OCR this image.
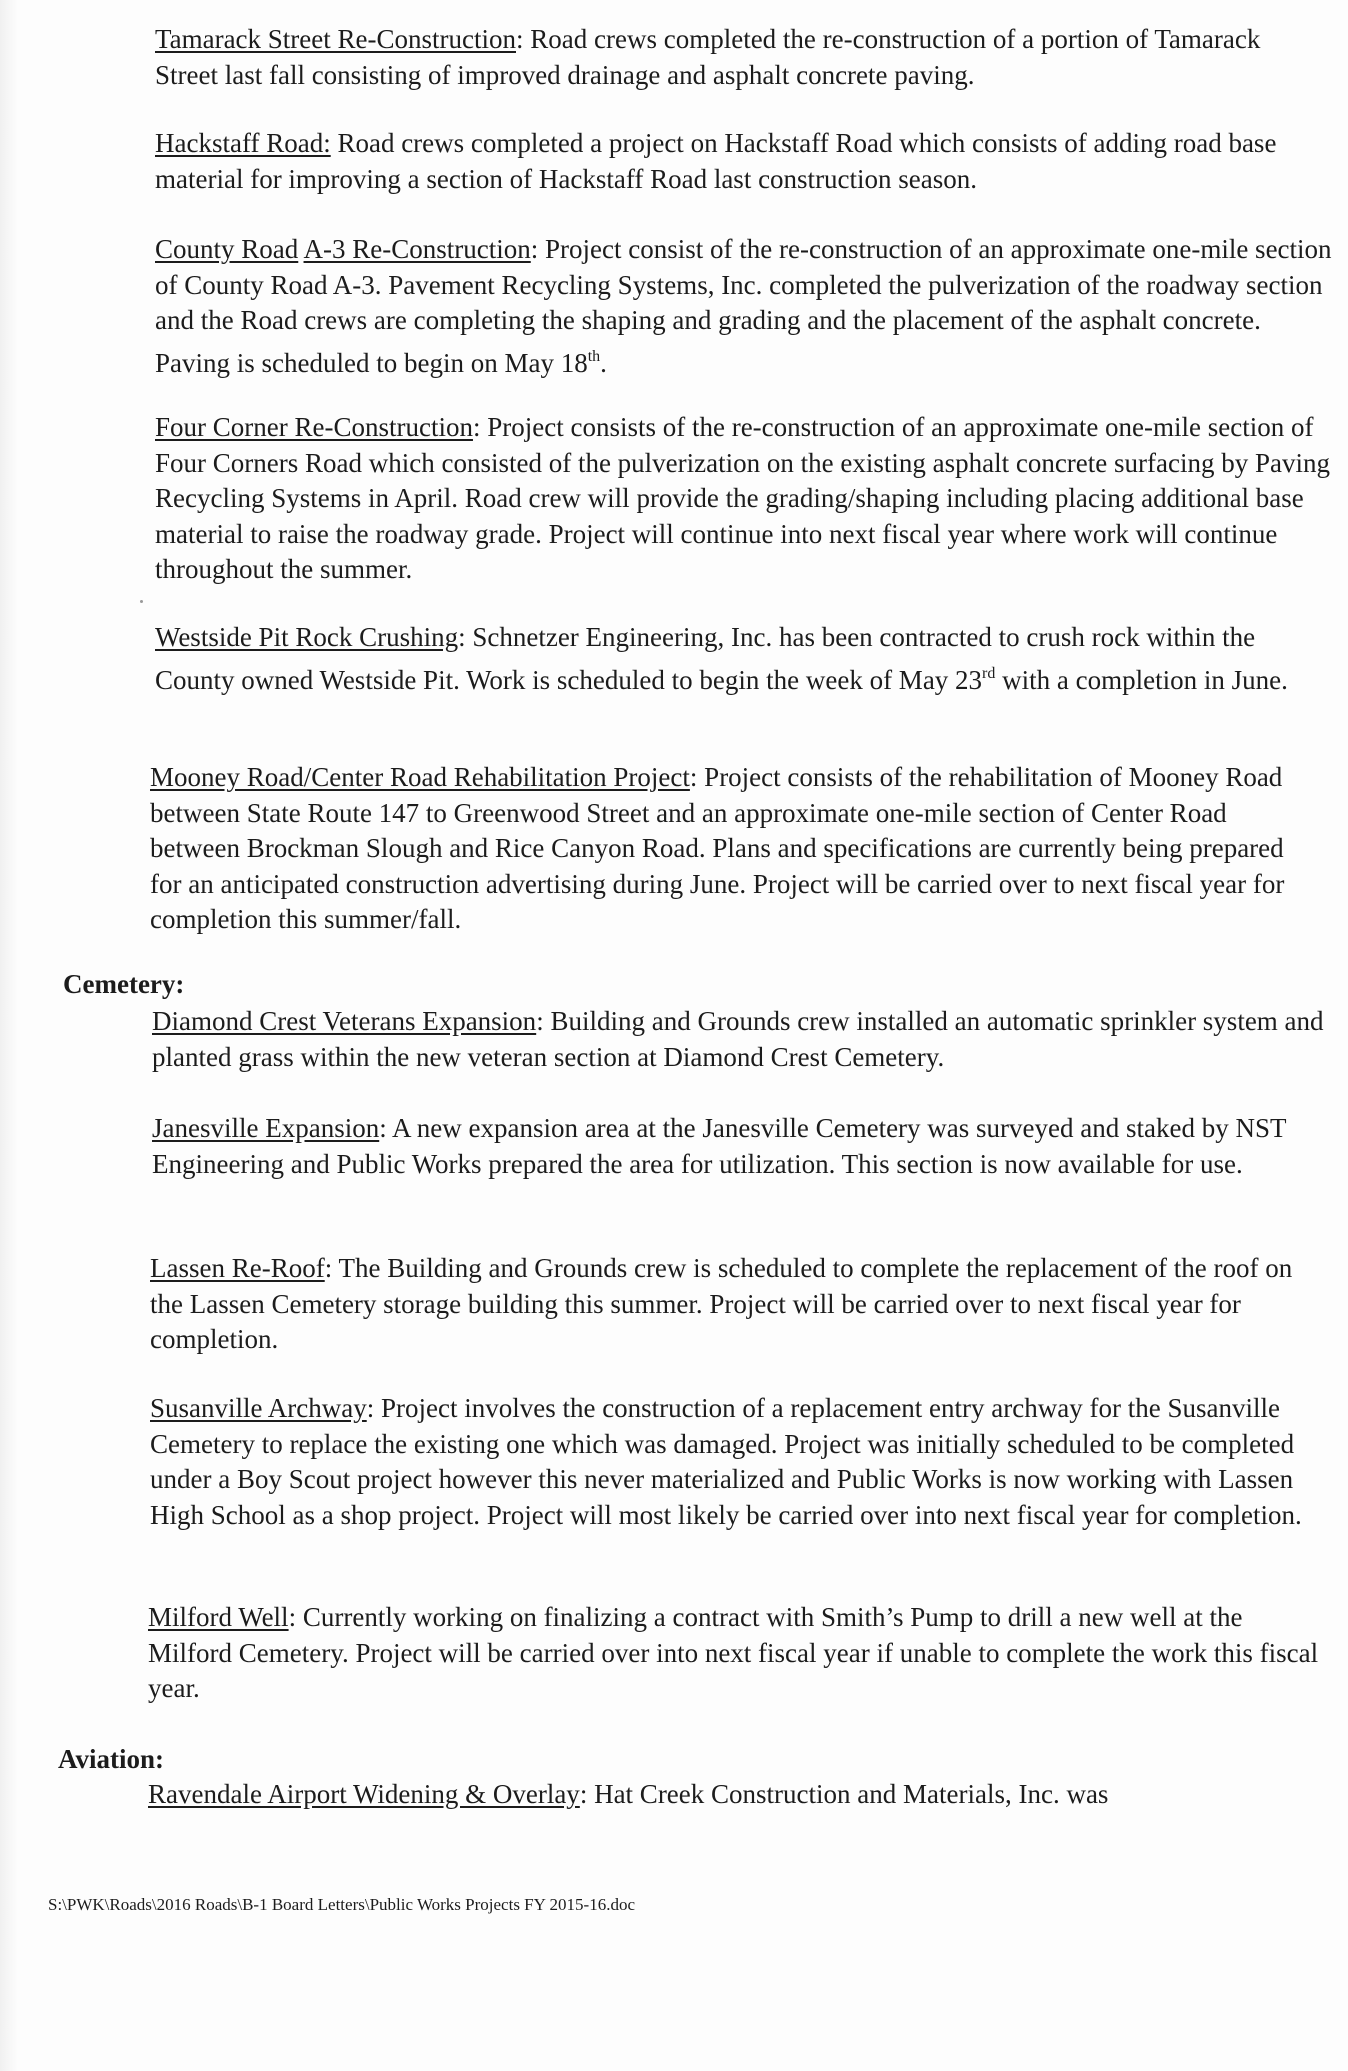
Tamarack Street Re-Construction: Road crews completed the re-construction of a portion of Tamarack Street last fall consisting of improved drainage and asphalt concrete paving.

Hackstaff Road: Road crews completed a project on Hackstaff Road which consists of adding road base material for improving a section of Hackstaff Road last construction season.

County Road A-3 Re-Construction: Project consist of the re-construction of an approximate one-mile section of County Road A-3. Pavement Recycling Systems, Inc. completed the pulverization of the roadway section and the Road crews are completing the shaping and grading and the placement of the asphalt concrete. Paving is scheduled to begin on May 18th.

Four Corner Re-Construction: Project consists of the re-construction of an approximate one-mile section of Four Corners Road which consisted of the pulverization on the existing asphalt concrete surfacing by Paving Recycling Systems in April. Road crew will provide the grading/shaping including placing additional base material to raise the roadway grade. Project will continue into next fiscal year where work will continue throughout the summer.

Westside Pit Rock Crushing: Schnetzer Engineering, Inc. has been contracted to crush rock within the County owned Westside Pit. Work is scheduled to begin the week of May 23rd with a completion in June.

Mooney Road/Center Road Rehabilitation Project: Project consists of the rehabilitation of Mooney Road between State Route 147 to Greenwood Street and an approximate one-mile section of Center Road between Brockman Slough and Rice Canyon Road. Plans and specifications are currently being prepared for an anticipated construction advertising during June. Project will be carried over to next fiscal year for completion this summer/fall.

Cemetery:

Diamond Crest Veterans Expansion: Building and Grounds crew installed an automatic sprinkler system and planted grass within the new veteran section at Diamond Crest Cemetery.

Janesville Expansion: A new expansion area at the Janesville Cemetery was surveyed and staked by NST Engineering and Public Works prepared the area for utilization. This section is now available for use.

Lassen Re-Roof: The Building and Grounds crew is scheduled to complete the replacement of the roof on the Lassen Cemetery storage building this summer. Project will be carried over to next fiscal year for completion.

Susanville Archway: Project involves the construction of a replacement entry archway for the Susanville Cemetery to replace the existing one which was damaged. Project was initially scheduled to be completed under a Boy Scout project however this never materialized and Public Works is now working with Lassen High School as a shop project. Project will most likely be carried over into next fiscal year for completion.

Milford Well: Currently working on finalizing a contract with Smith’s Pump to drill a new well at the Milford Cemetery. Project will be carried over into next fiscal year if unable to complete the work this fiscal year.

Aviation:

Ravendale Airport Widening & Overlay: Hat Creek Construction and Materials, Inc. was

S:\PWK\Roads\2016 Roads\B-1 Board Letters\Public Works Projects FY 2015-16.doc
